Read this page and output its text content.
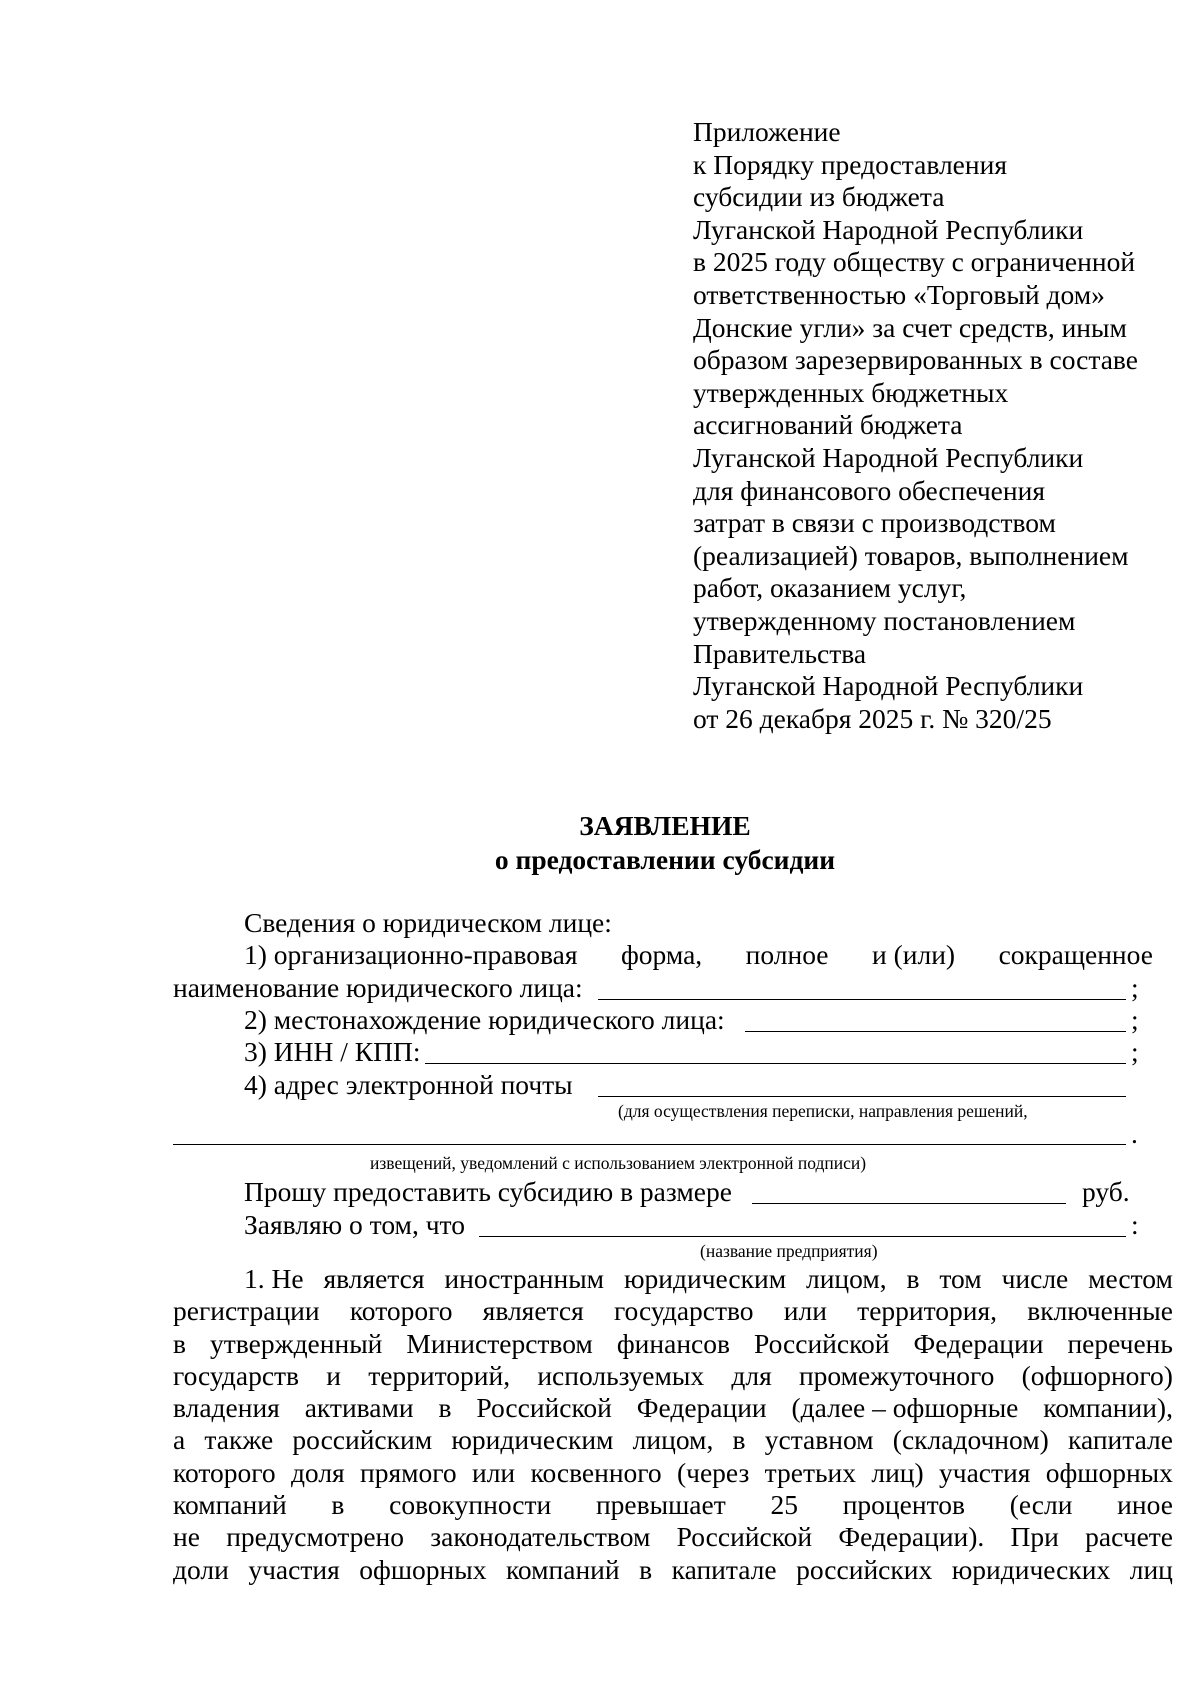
Приложение
к Порядку предоставления
субсидии из бюджета
Луганской Народной Республики
в 2025 году обществу с ограниченной
ответственностью «Торговый дом»
Донские угли» за счет средств, иным
образом зарезервированных в составе
утвержденных бюджетных
ассигнований бюджета
Луганской Народной Республики
для финансового обеспечения
затрат в связи с производством
(реализацией) товаров, выполнением
работ, оказанием услуг,
утвержденному постановлением
Правительства
Луганской Народной Республики
от 26 декабря 2025 г. № 320/25
ЗАЯВЛЕНИЕ
о предоставлении субсидии
Сведения о юридическом лице:
1) организационно-правовая форма, полное и (или) сокращенное
наименование юридического лица:	;
2) местонахождение юридического лица:	;
3) ИНН / КПП:	;
4) адрес электронной почты
(для осуществления переписки, направления решений,
.
извещений, уведомлений с использованием электронной подписи)
Прошу предоставить субсидию в размере	руб.
Заявляю о том, что	:
(название предприятия)
1. Не является иностранным юридическим лицом, в том числе местом
регистрации которого является государство или территория, включенные
в утвержденный Министерством финансов Российской Федерации перечень
государств и территорий, используемых для промежуточного (офшорного)
владения активами в Российской Федерации (далее – офшорные компании),
а также российским юридическим лицом, в уставном (складочном) капитале
которого доля прямого или косвенного (через третьих лиц) участия офшорных
компаний в совокупности превышает 25 процентов (если иное
не предусмотрено законодательством Российской Федерации). При расчете
доли участия офшорных компаний в капитале российских юридических лиц
